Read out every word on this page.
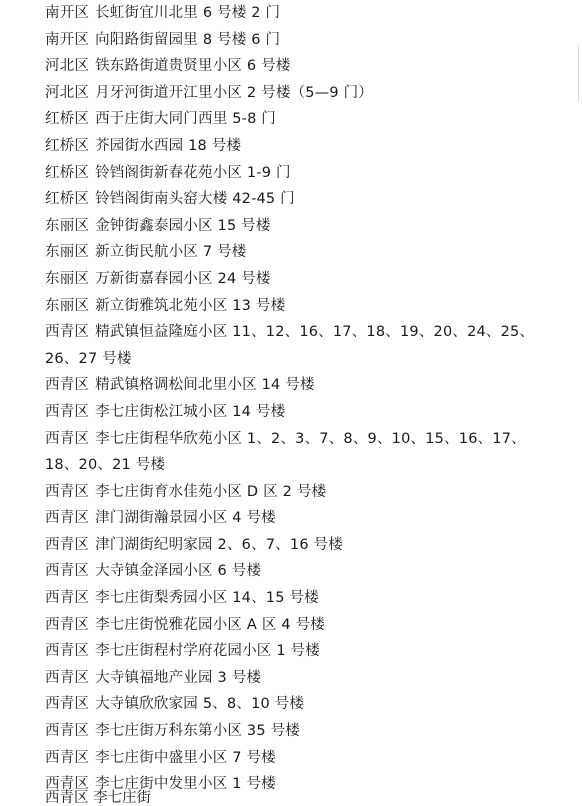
南开区 长虹街宜川北里 6 号楼 2 门
南开区 向阳路街留园里 8 号楼 6 门
河北区 铁东路街道贵贤里小区 6 号楼
河北区 月牙河街道开江里小区 2 号楼（5—9 门）
红桥区 西于庄街大同门西里 5-8 门
红桥区 芥园街水西园 18 号楼
红桥区 铃铛阁街新春花苑小区 1-9 门
红桥区 铃铛阁街南头窑大楼 42-45 门
东丽区 金钟街鑫泰园小区 15 号楼
东丽区 新立街民航小区 7 号楼
东丽区 万新街嘉春园小区 24 号楼
东丽区 新立街雅筑北苑小区 13 号楼
西青区 精武镇恒益隆庭小区 11、12、16、17、18、19、20、24、25、
26、27 号楼
西青区 精武镇格调松间北里小区 14 号楼
西青区 李七庄街松江城小区 14 号楼
西青区 李七庄街程华欣苑小区 1、2、3、7、8、9、10、15、16、17、
18、20、21 号楼
西青区 李七庄街育水佳苑小区 D 区 2 号楼
西青区 津门湖街瀚景园小区 4 号楼
西青区 津门湖街纪明家园 2、6、7、16 号楼
西青区 大寺镇金泽园小区 6 号楼
西青区 李七庄街梨秀园小区 14、15 号楼
西青区 李七庄街悦雅花园小区 A 区 4 号楼
西青区 李七庄街程村学府花园小区 1 号楼
西青区 大寺镇福地产业园 3 号楼
西青区 大寺镇欣欣家园 5、8、10 号楼
西青区 李七庄街万科东第小区 35 号楼
西青区 李七庄街中盛里小区 7 号楼
西青区 李七庄街中发里小区 1 号楼
西青区 李七庄街
